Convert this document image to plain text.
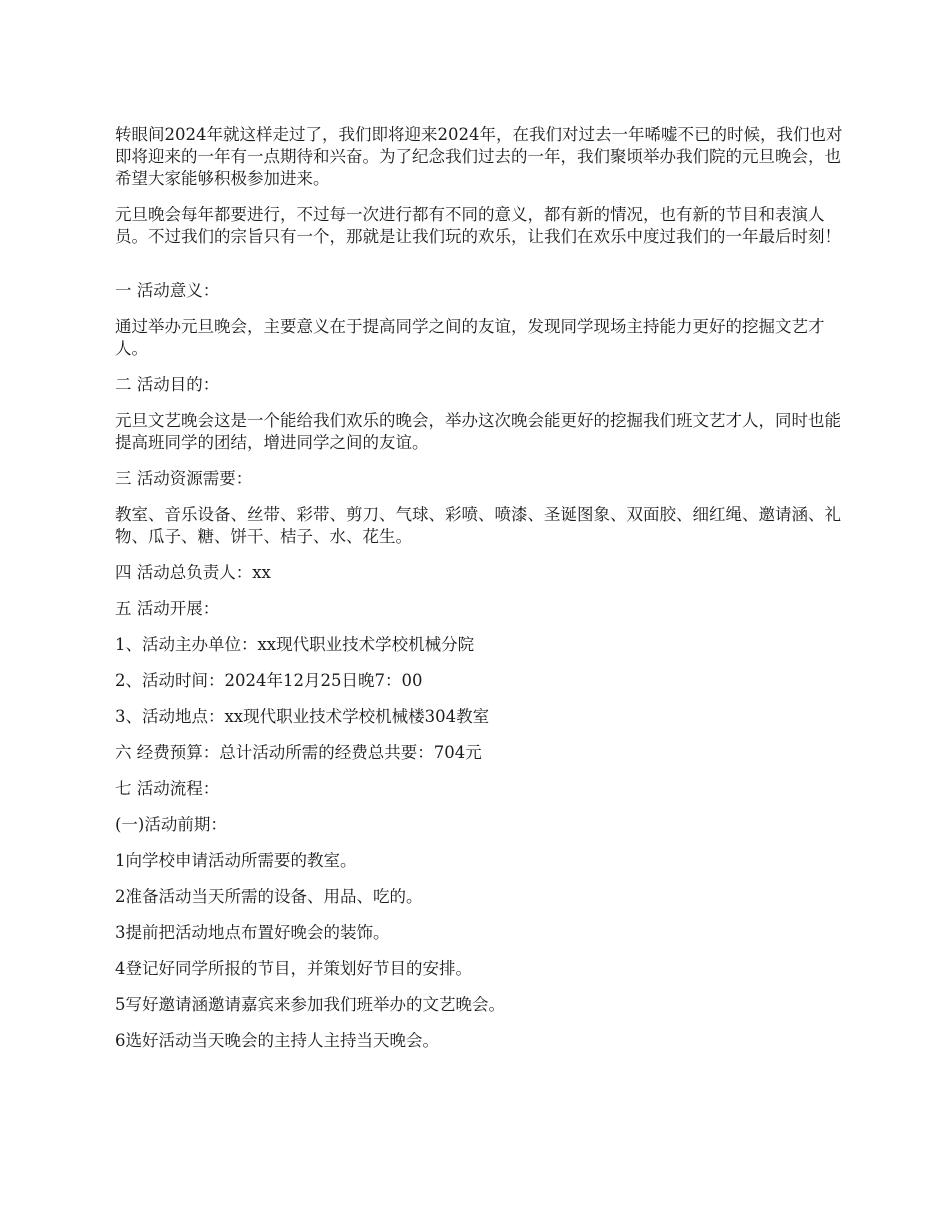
转眼间2024年就这样走过了，我们即将迎来2024年，在我们对过去一年唏嘘不已的时候，我们也对即将迎来的一年有一点期待和兴奋。为了纪念我们过去的一年，我们聚顷举办我们院的元旦晚会，也希望大家能够积极参加进来。

元旦晚会每年都要进行，不过每一次进行都有不同的意义，都有新的情况，也有新的节目和表演人员。不过我们的宗旨只有一个，那就是让我们玩的欢乐，让我们在欢乐中度过我们的一年最后时刻！

一 活动意义：

通过举办元旦晚会，主要意义在于提高同学之间的友谊，发现同学现场主持能力更好的挖掘文艺才人。

二 活动目的：

元旦文艺晚会这是一个能给我们欢乐的晚会，举办这次晚会能更好的挖掘我们班文艺才人，同时也能提高班同学的团结，增进同学之间的友谊。

三 活动资源需要：

教室、音乐设备、丝带、彩带、剪刀、气球、彩喷、喷漆、圣诞图象、双面胶、细红绳、邀请涵、礼物、瓜子、糖、饼干、桔子、水、花生。

四 活动总负责人：xx

五 活动开展：

1、活动主办单位：xx现代职业技术学校机械分院

2、活动时间：2024年12月25日晚7：00

3、活动地点：xx现代职业技术学校机械楼304教室

六 经费预算：总计活动所需的经费总共要：704元

七 活动流程：

(一)活动前期：

1向学校申请活动所需要的教室。

2准备活动当天所需的设备、用品、吃的。

3提前把活动地点布置好晚会的装饰。

4登记好同学所报的节目，并策划好节目的安排。

5写好邀请涵邀请嘉宾来参加我们班举办的文艺晚会。

6选好活动当天晚会的主持人主持当天晚会。
